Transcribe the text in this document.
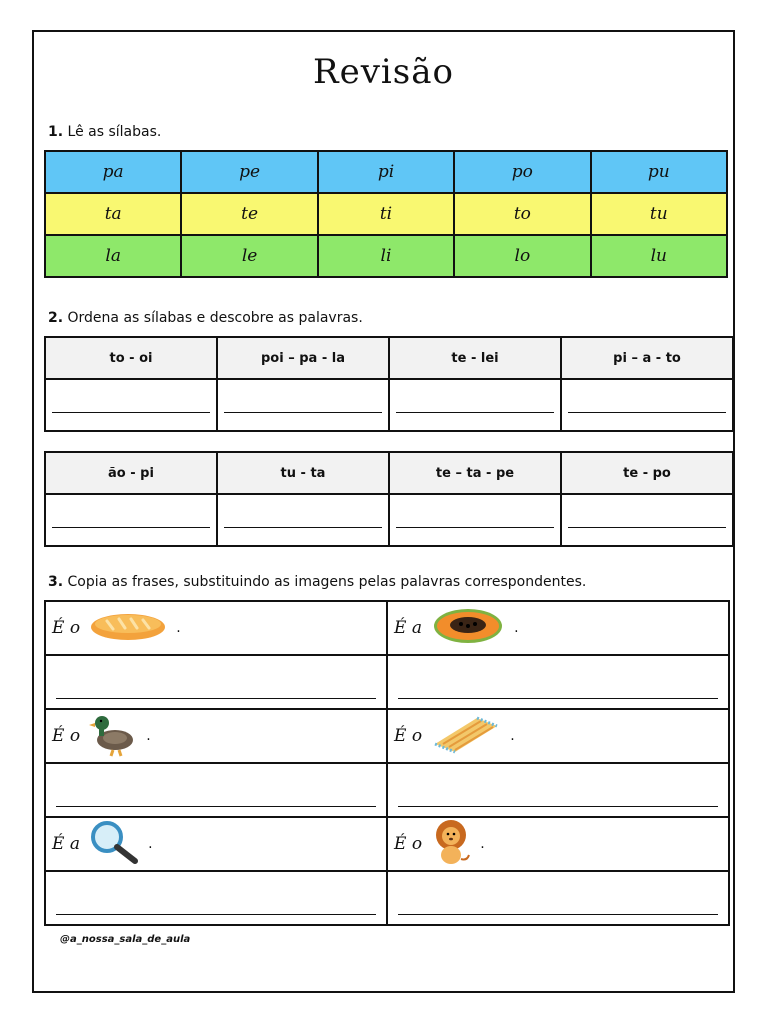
Revisão
1. Lê as sílabas.
pa	pe	pi	po	pu
ta	te	ti	to	tu
la	le	li	lo	lu
2. Ordena as sílabas e descobre as palavras.
to - oi	poi – pa - la	te - lei	pi – a - to

ão - pi	tu - ta	te – ta - pe	te - po

3. Copia as frases, substituindo as imagens pelas palavras correspondentes.
É o .	É a .

É o .	É o .

É a .	É o .

@a_nossa_sala_de_aula
